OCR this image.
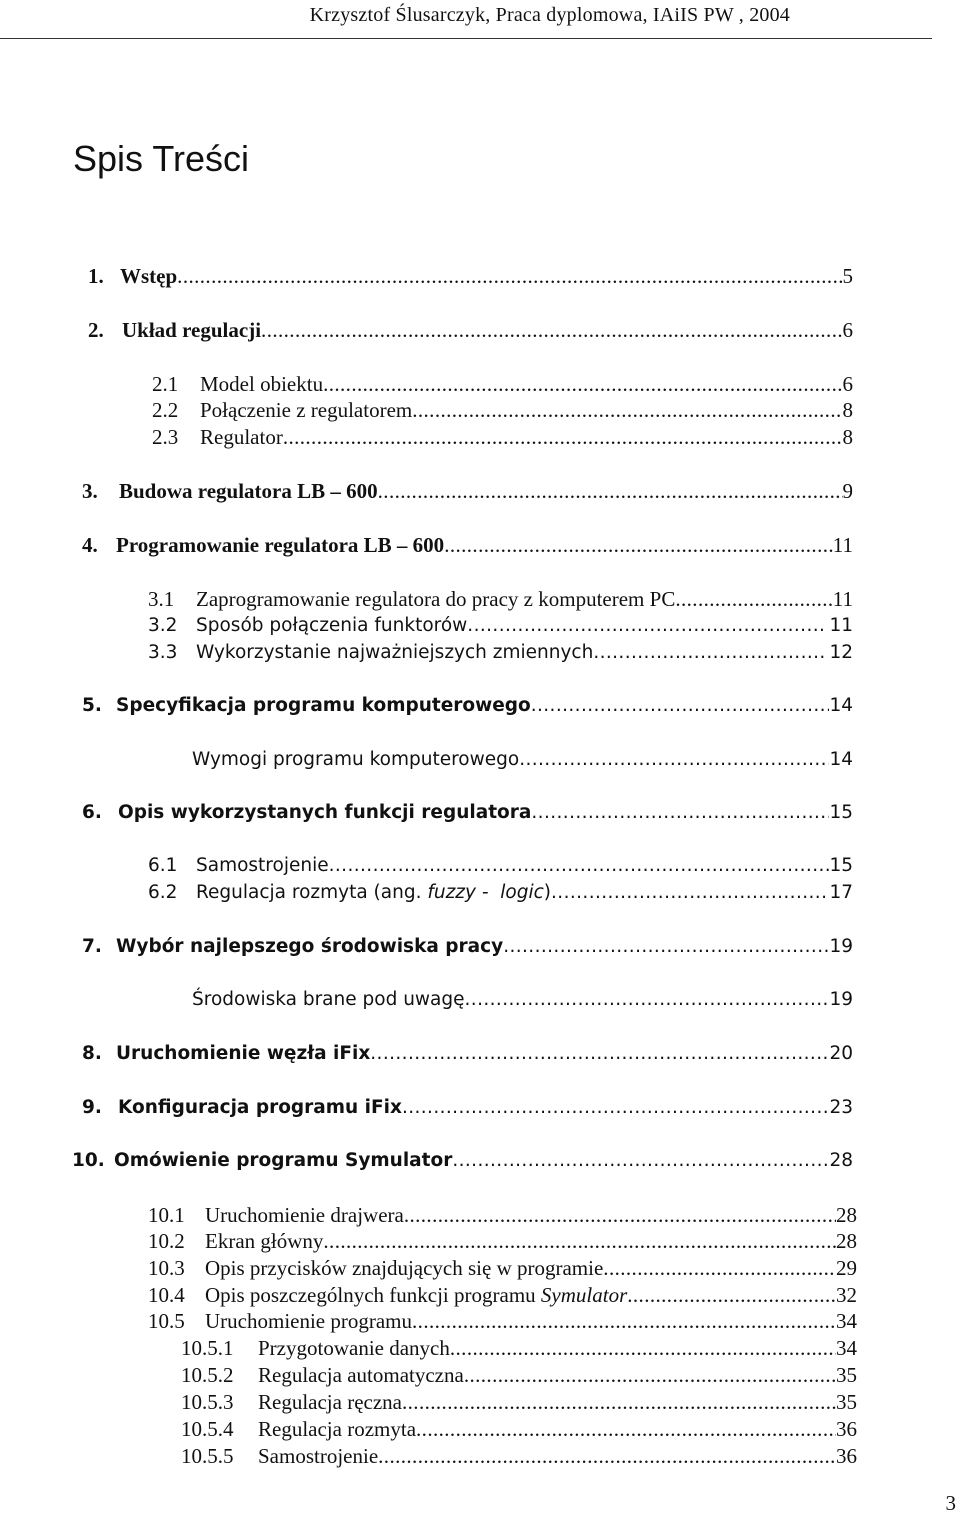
Krzysztof Ślusarczyk, Praca dyplomowa, IAiIS PW , 2004
Spis Treści
1. Wstęp .....	5
2. Układ regulacji .....	6
2.1 Model obiektu .....	6
2.2 Połączenie z regulatorem .....	8
2.3 Regulator .....	8
3. Budowa regulatora LB – 600 .....	9
4. Programowanie regulatora LB – 600 .....	11
3.1 Zaprogramowanie regulatora do pracy z komputerem PC .....	11
3.2 Sposób połączenia funktorów .....	11
3.3 Wykorzystanie najważniejszych zmiennych .....	12
5. Specyfikacja programu komputerowego .....	14
Wymogi programu komputerowego .....	14
6. Opis wykorzystanych funkcji regulatora .....	15
6.1 Samostrojenie .....	15
6.2 Regulacja rozmyta (ang. fuzzy -  logic) .....	17
7. Wybór najlepszego środowiska pracy .....	19
Środowiska brane pod uwagę .....	19
8. Uruchomienie węzła iFix .....	20
9. Konfiguracja programu iFix .....	23
10. Omówienie programu Symulator .....	28
10.1 Uruchomienie drajwera .....	28
10.2 Ekran główny .....	28
10.3 Opis przycisków znajdujących się w programie .....	29
10.4 Opis poszczególnych funkcji programu Symulator .....	32
10.5 Uruchomienie programu .....	34
10.5.1 Przygotowanie danych .....	34
10.5.2 Regulacja automatyczna .....	35
10.5.3 Regulacja ręczna .....	35
10.5.4 Regulacja rozmyta .....	36
10.5.5 Samostrojenie .....	36
3
